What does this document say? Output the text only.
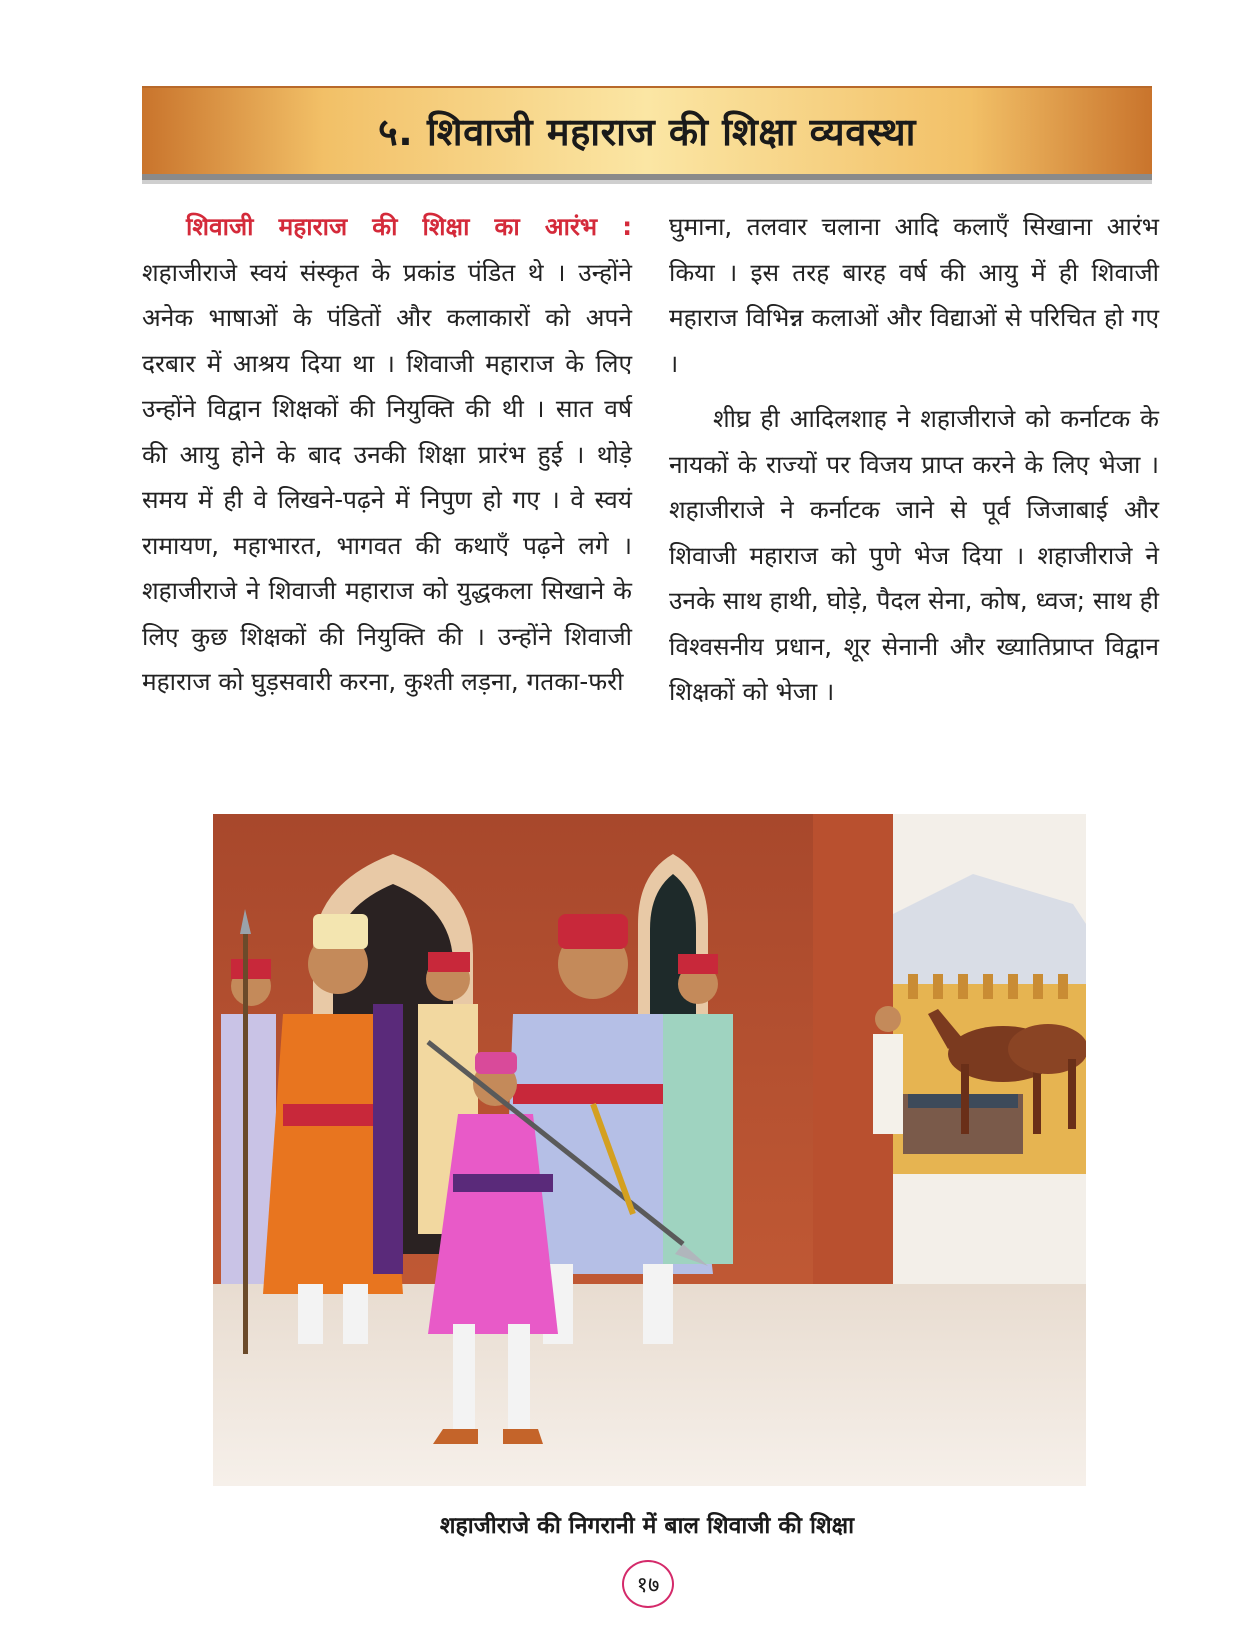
५. शिवाजी महाराज की शिक्षा व्यवस्था

शिवाजी महाराज की शिक्षा का आरंभ : शहाजीराजे स्वयं संस्कृत के प्रकांड पंडित थे । उन्होंने अनेक भाषाओं के पंडितों और कलाकारों को अपने दरबार में आश्रय दिया था । शिवाजी महाराज के लिए उन्होंने विद्वान शिक्षकों की नियुक्ति की थी । सात वर्ष की आयु होने के बाद उनकी शिक्षा प्रारंभ हुई । थोड़े समय में ही वे लिखने-पढ़ने में निपुण हो गए । वे स्वयं रामायण, महाभारत, भागवत की कथाएँ पढ़ने लगे । शहाजीराजे ने शिवाजी महाराज को युद्धकला सिखाने के लिए कुछ शिक्षकों की नियुक्ति की । उन्होंने शिवाजी महाराज को घुड़सवारी करना, कुश्ती लड़ना, गतका-फरी

घुमाना, तलवार चलाना आदि कलाएँ सिखाना आरंभ किया । इस तरह बारह वर्ष की आयु में ही शिवाजी महाराज विभिन्न कलाओं और विद्याओं से परिचित हो गए ।

शीघ्र ही आदिलशाह ने शहाजीराजे को कर्नाटक के नायकों के राज्यों पर विजय प्राप्त करने के लिए भेजा । शहाजीराजे ने कर्नाटक जाने से पूर्व जिजाबाई और शिवाजी महाराज को पुणे भेज दिया । शहाजीराजे ने उनके साथ हाथी, घोड़े, पैदल सेना, कोष, ध्वज; साथ ही विश्वसनीय प्रधान, शूर सेनानी और ख्यातिप्राप्त विद्वान शिक्षकों को भेजा ।

शहाजीराजे की निगरानी में बाल शिवाजी की शिक्षा
१७
